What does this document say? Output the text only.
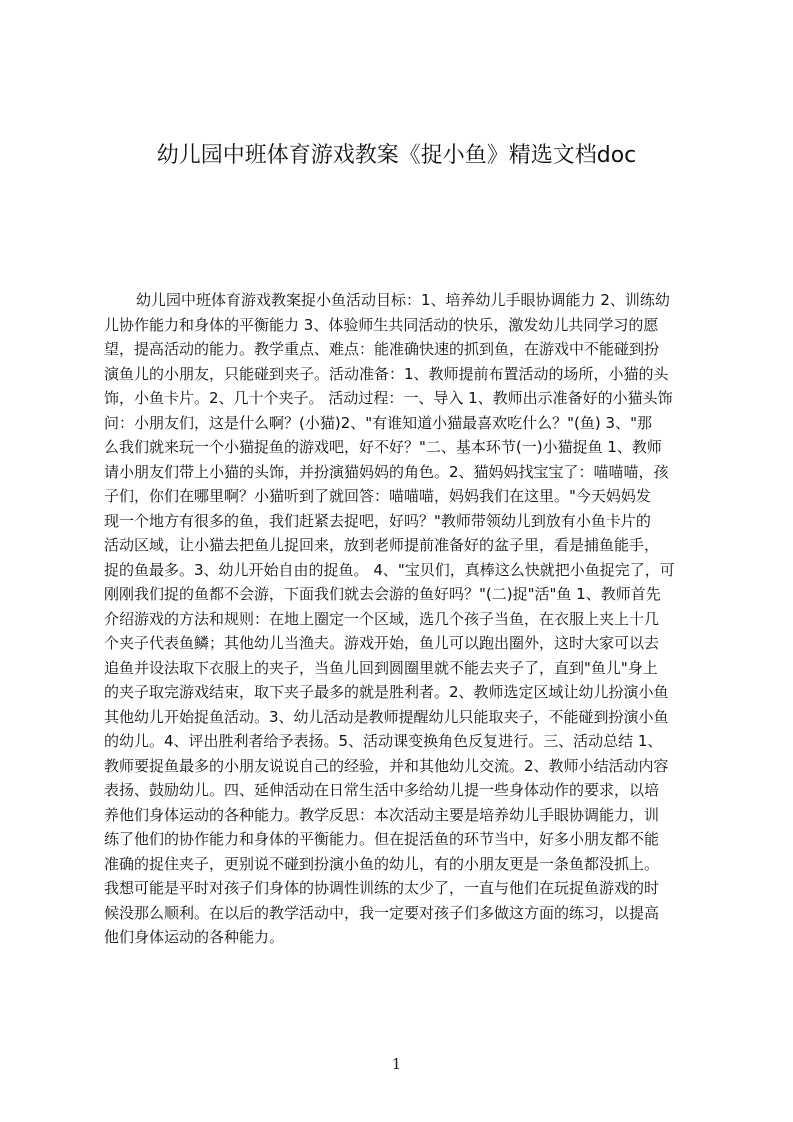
幼儿园中班体育游戏教案《捉小鱼》精选文档doc
幼儿园中班体育游戏教案捉小鱼活动目标：1、培养幼儿手眼协调能力 2、训练幼
儿协作能力和身体的平衡能力 3、体验师生共同活动的快乐，激发幼儿共同学习的愿
望，提高活动的能力。教学重点、难点：能准确快速的抓到鱼，在游戏中不能碰到扮
演鱼儿的小朋友，只能碰到夹子。活动准备：1、教师提前布置活动的场所，小猫的头
饰，小鱼卡片。2、几十个夹子。 活动过程：一、导入 1、教师出示准备好的小猫头饰
问：小朋友们，这是什么啊？(小猫)2、"有谁知道小猫最喜欢吃什么？"(鱼) 3、"那
么我们就来玩一个小猫捉鱼的游戏吧，好不好？"二、基本环节(一)小猫捉鱼 1、教师
请小朋友们带上小猫的头饰，并扮演猫妈妈的角色。2、猫妈妈找宝宝了：喵喵喵，孩
子们，你们在哪里啊？小猫听到了就回答：喵喵喵，妈妈我们在这里。"今天妈妈发
现一个地方有很多的鱼，我们赶紧去捉吧，好吗？"教师带领幼儿到放有小鱼卡片的
活动区域，让小猫去把鱼儿捉回来，放到老师提前准备好的盆子里，看是捕鱼能手，
捉的鱼最多。3、幼儿开始自由的捉鱼。 4、"宝贝们，真棒这么快就把小鱼捉完了，可
刚刚我们捉的鱼都不会游，下面我们就去会游的鱼好吗？"(二)捉"活"鱼 1、教师首先
介绍游戏的方法和规则：在地上圈定一个区域，选几个孩子当鱼，在衣服上夹上十几
个夹子代表鱼鳞；其他幼儿当渔夫。游戏开始，鱼儿可以跑出圈外，这时大家可以去
追鱼并设法取下衣服上的夹子，当鱼儿回到圆圈里就不能去夹子了，直到"鱼儿"身上
的夹子取完游戏结束，取下夹子最多的就是胜利者。2、教师选定区域让幼儿扮演小鱼
其他幼儿开始捉鱼活动。3、幼儿活动是教师提醒幼儿只能取夹子，不能碰到扮演小鱼
的幼儿。4、评出胜利者给予表扬。5、活动课变换角色反复进行。三、活动总结 1、
教师要捉鱼最多的小朋友说说自己的经验，并和其他幼儿交流。2、教师小结活动内容
表扬、鼓励幼儿。四、延伸活动在日常生活中多给幼儿提一些身体动作的要求，以培
养他们身体运动的各种能力。教学反思：本次活动主要是培养幼儿手眼协调能力，训
练了他们的协作能力和身体的平衡能力。但在捉活鱼的环节当中，好多小朋友都不能
准确的捉住夹子，更别说不碰到扮演小鱼的幼儿，有的小朋友更是一条鱼都没抓上。
我想可能是平时对孩子们身体的协调性训练的太少了，一直与他们在玩捉鱼游戏的时
候没那么顺利。在以后的教学活动中，我一定要对孩子们多做这方面的练习，以提高
他们身体运动的各种能力。
1
